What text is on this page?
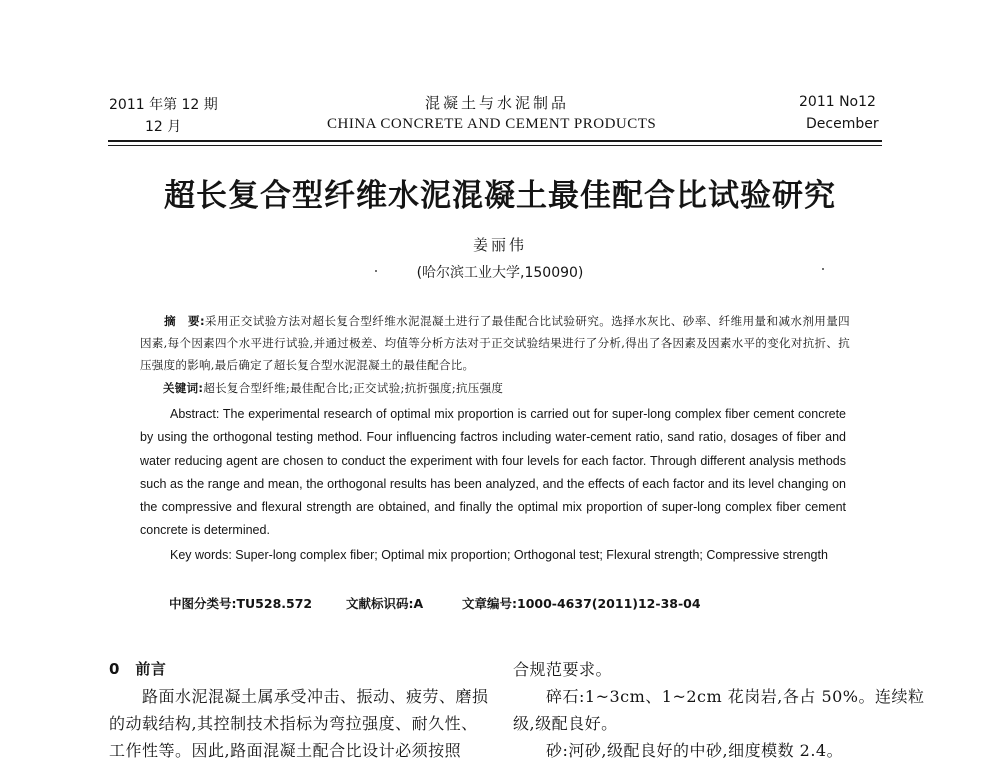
2011 年第 12 期
12 月
混凝土与水泥制品
CHINA CONCRETE AND CEMENT PRODUCTS
2011 No12
December
超长复合型纤维水泥混凝土最佳配合比试验研究
姜丽伟
(哈尔滨工业大学,150090)
摘　要:采用正交试验方法对超长复合型纤维水泥混凝土进行了最佳配合比试验研究。选择水灰比、砂率、纤维用量和减水剂用量四因素,每个因素四个水平进行试验,并通过极差、均值等分析方法对于正交试验结果进行了分析,得出了各因素及因素水平的变化对抗折、抗压强度的影响,最后确定了超长复合型水泥混凝土的最佳配合比。
关键词:超长复合型纤维;最佳配合比;正交试验;抗折强度;抗压强度
Abstract: The experimental research of optimal mix proportion is carried out for super-long complex fiber cement concrete by using the orthogonal testing method. Four influencing factros including water-cement ratio, sand ratio, dosages of fiber and water reducing agent are chosen to conduct the experiment with four levels for each factor. Through different analysis methods such as the range and mean, the orthogonal results has been analyzed, and the effects of each factor and its level changing on the compressive and flexural strength are obtained, and finally the optimal mix proportion of super-long complex fiber cement concrete is determined.
Key words: Super-long complex fiber; Optimal mix proportion; Orthogonal test; Flexural strength; Compressive strength
中图分类号:TU528.572	文献标识码:A	文章编号:1000-4637(2011)12-38-04
0　前言
　　路面水泥混凝土属承受冲击、振动、疲劳、磨损
的动载结构,其控制技术指标为弯拉强度、耐久性、
工作性等。因此,路面混凝土配合比设计必须按照
合规范要求。
　　碎石:1~3cm、1~2cm 花岗岩,各占 50%。连续粒
级,级配良好。
　　砂:河砂,级配良好的中砂,细度模数 2.4。
